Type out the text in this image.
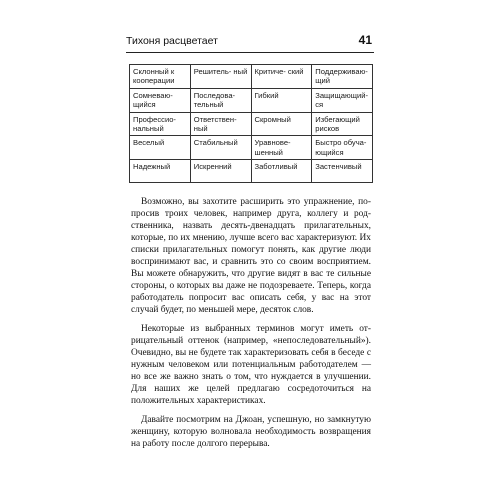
Тихоня расцветает	41
Склонный к кооперации	Решитель- ный	Критиче- ский	Поддерживаю- щий
Сомневаю- щийся	Последова- тельный	Гибкий	Защищающий- ся
Профессио- нальный	Ответствен- ный	Скромный	Избегающий рисков
Веселый	Стабильный	Уравнове- шенный	Быстро обуча- ющийся
Надежный	Искренний	Заботливый	Застенчивый

Возможно, вы захотите расширить это упражнение, попросив троих человек, например друга, коллегу и родственника, назвать десять-двенадцать прилагательных, которые, по их мнению, лучше всего вас характеризуют. Их списки прилагательных помогут понять, как другие люди воспринимают вас, и сравнить это со своим восприятием. Вы можете обнаружить, что другие видят в вас те сильные стороны, о которых вы даже не подозреваете. Теперь, когда работодатель попросит вас описать себя, у вас на этот случай будет, по меньшей мере, десяток слов.

Некоторые из выбранных терминов могут иметь отрицательный оттенок (например, «непоследовательный»). Очевидно, вы не будете так характеризовать себя в беседе с нужным человеком или потенциальным работодателем — но все же важно знать о том, что нуждается в улучшении. Для наших же целей предлагаю сосредоточиться на положительных характеристиках.

Давайте посмотрим на Джоан, успешную, но замкнутую женщину, которую волновала необходимость возвращения на работу после долгого перерыва.
